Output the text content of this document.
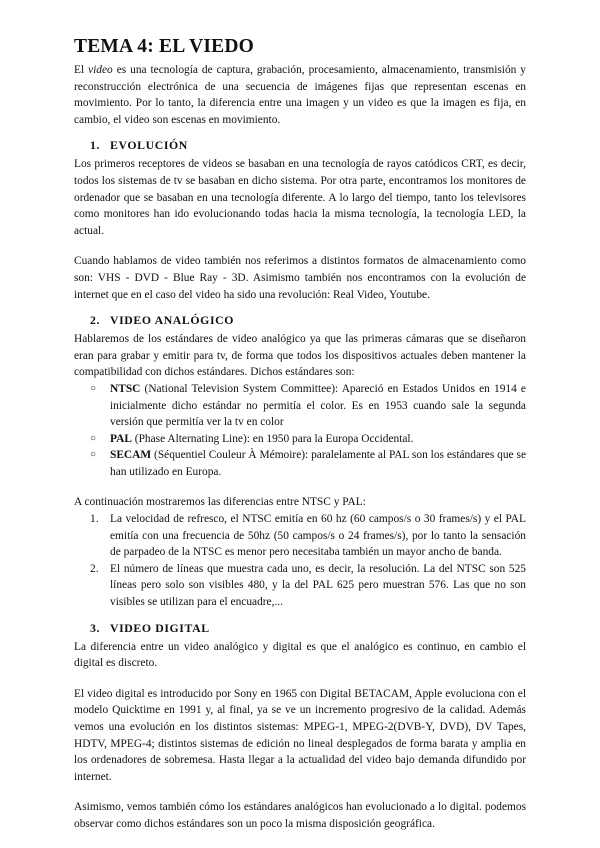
TEMA 4: EL VIEDO

El video es una tecnología de captura, grabación, procesamiento, almacenamiento, transmisión y reconstrucción electrónica de una secuencia de imágenes fijas que representan escenas en movimiento. Por lo tanto, la diferencia entre una imagen y un video es que la imagen es fija, en cambio, el video son escenas en movimiento.

1. EVOLUCIÓN

Los primeros receptores de videos se basaban en una tecnología de rayos catódicos CRT, es decir, todos los sistemas de tv se basaban en dicho sistema. Por otra parte, encontramos los monitores de ordenador que se basaban en una tecnología diferente. A lo largo del tiempo, tanto los televisores como monitores han ido evolucionando todas hacia la misma tecnología, la tecnología LED, la actual.

Cuando hablamos de video también nos referimos a distintos formatos de almacenamiento como son: VHS - DVD - Blue Ray - 3D. Asimismo también nos encontramos con la evolución de internet que en el caso del video ha sido una revolución: Real Video, Youtube.

2. VIDEO ANALÓGICO

Hablaremos de los estándares de video analógico ya que las primeras cámaras que se diseñaron eran para grabar y emitir para tv, de forma que todos los dispositivos actuales deben mantener la compatibilidad con dichos estándares. Dichos estándares son:

○ NTSC (National Television System Committee): Apareció en Estados Unidos en 1914 e inicialmente dicho estándar no permitía el color. Es en 1953 cuando sale la segunda versión que permitía ver la tv en color
○ PAL (Phase Alternating Line): en 1950 para la Europa Occidental.
○ SECAM (Séquentiel Couleur À Mémoire): paralelamente al PAL son los estándares que se han utilizado en Europa.

A continuación mostraremos las diferencias entre NTSC y PAL:

1. La velocidad de refresco, el NTSC emitía en 60 hz (60 campos/s o 30 frames/s) y el PAL emitía con una frecuencia de 50hz (50 campos/s o 24 frames/s), por lo tanto la sensación de parpadeo de la NTSC es menor pero necesitaba también un mayor ancho de banda.
2. El número de líneas que muestra cada uno, es decir, la resolución. La del NTSC son 525 líneas pero solo son visibles 480, y la del PAL 625 pero muestran 576. Las que no son visibles se utilizan para el encuadre,...
3. VIDEO DIGITAL

La diferencia entre un video analógico y digital es que el analógico es continuo, en cambio el digital es discreto.

El video digital es introducido por Sony en 1965 con Digital BETACAM, Apple evoluciona con el modelo Quicktime en 1991 y, al final, ya se ve un incremento progresivo de la calidad. Además vemos una evolución en los distintos sistemas: MPEG-1, MPEG-2(DVB-Y, DVD), DV Tapes, HDTV, MPEG-4; distintos sistemas de edición no lineal desplegados de forma barata y amplia en los ordenadores de sobremesa. Hasta llegar a la actualidad del video bajo demanda difundido por internet.

Asimismo, vemos también cómo los estándares analógicos han evolucionado a lo digital. podemos observar como dichos estándares son un poco la misma disposición geográfica.
